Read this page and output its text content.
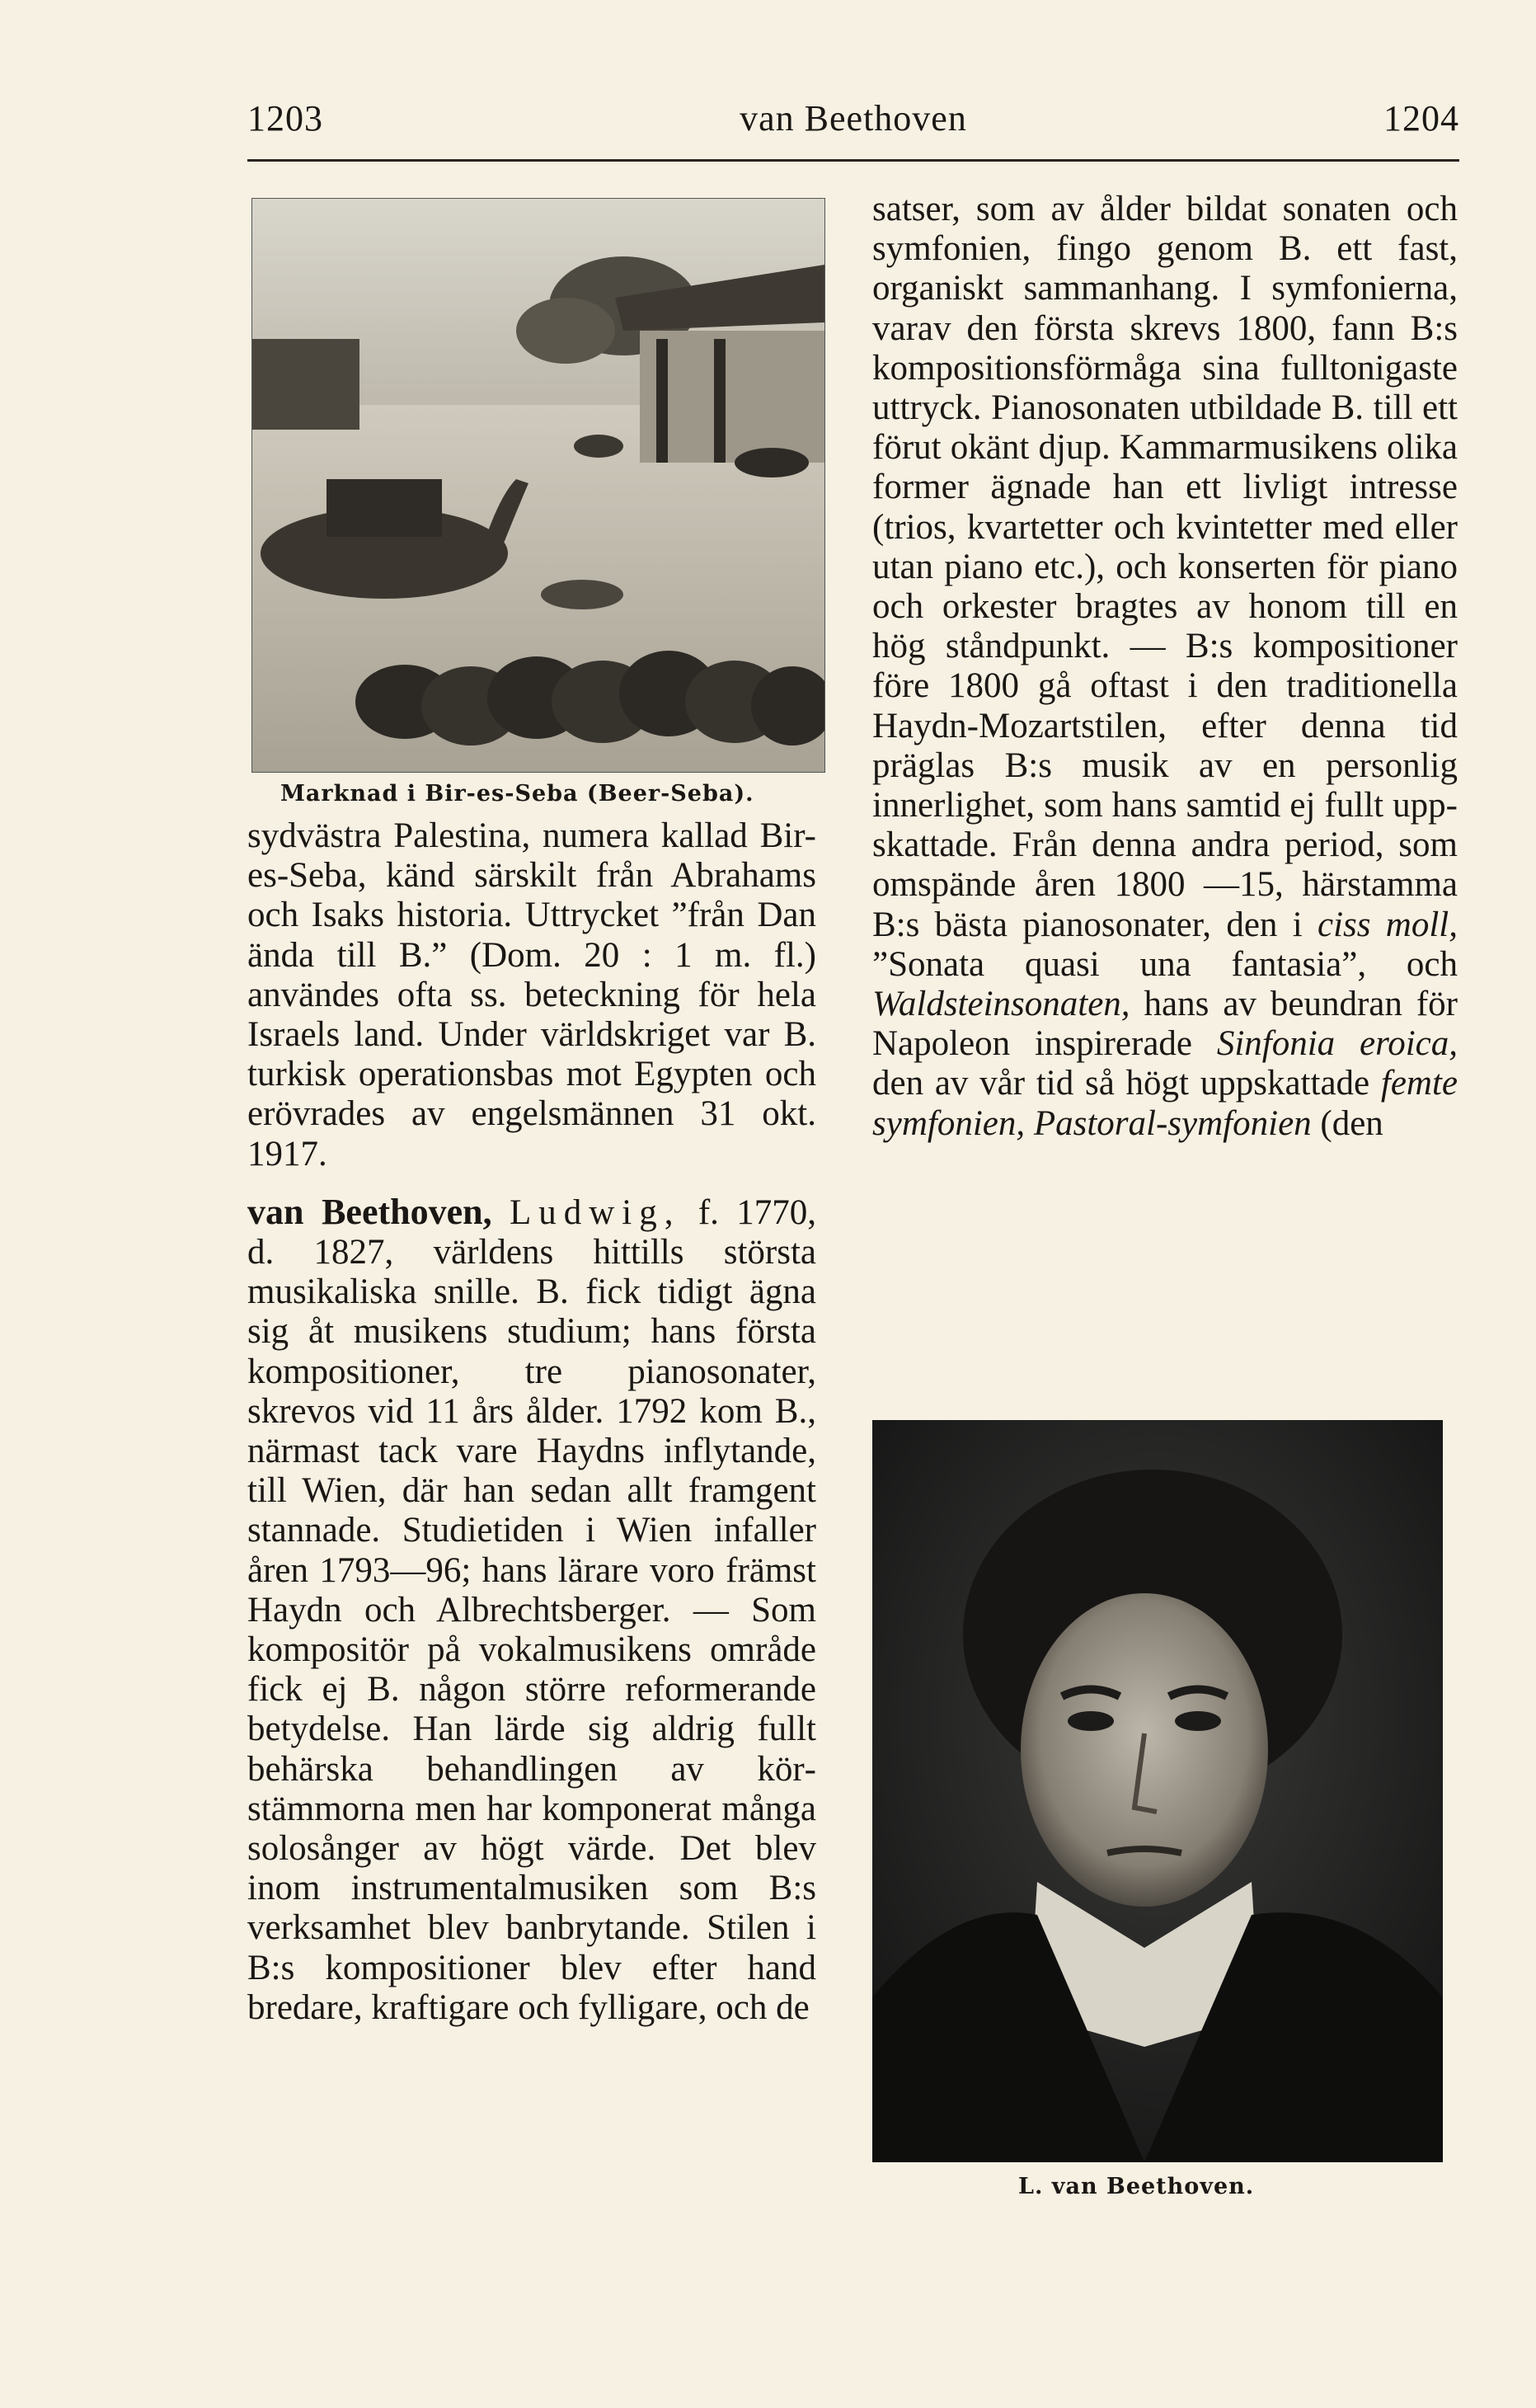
1203	van Beethoven	1204
Marknad i Bir-es-Seba (Beer-Seba).

sydvästra Palestina, numera kallad Bir-es-Seba, känd särskilt från Abrahams och Isaks historia. Uttrycket ”från Dan ända till B.” (Dom. 20 : 1 m. fl.) användes ofta ss. beteckning för hela Israels land. Under världskriget var B. turkisk operationsbas mot Egypten och erövrades av engelsmännen 31 okt. 1917.

van Beethoven, Ludwig, f. 1770, d. 1827, världens hittills största musikaliska snille. B. fick tidigt ägna sig åt musikens studium; hans första kompositioner, tre pianosonater, skrevos vid 11 års ålder. 1792 kom B., närmast tack vare Haydns inflytande, till Wien, där han sedan allt framgent stannade. Studietiden i Wien infaller åren 1793—96; hans lärare voro främst Haydn och Albrechtsberger. — Som kompositör på vokalmusikens område fick ej B. någon större reformerande betydelse. Han lärde sig aldrig fullt behärska behandlingen av körstämmorna men har komponerat många solosånger av högt värde. Det blev inom instrumentalmusiken som B:s verksamhet blev banbrytande. Stilen i B:s kompositioner blev efter hand bredare, kraftigare och fylligare, och de

satser, som av ålder bildat sonaten och symfonien, fingo genom B. ett fast, organiskt sammanhang. I symfonierna, varav den första skrevs 1800, fann B:s kompositionsförmåga sina fulltonigaste uttryck. Pianosonaten utbildade B. till ett förut okänt djup. Kammarmusikens olika former ägnade han ett livligt intresse (trios, kvartetter och kvintetter med eller utan piano etc.), och konserten för piano och orkester bragtes av honom till en hög ståndpunkt. — B:s kompositioner före 1800 gå oftast i den traditionella Haydn-Mozartstilen, efter denna tid präglas B:s musik av en personlig innerlighet, som hans samtid ej fullt uppskattade. Från denna andra period, som omspände åren 1800 —15, härstamma B:s bästa pianosonater, den i ciss moll, ”Sonata quasi una fantasia”, och Waldsteinsonaten, hans av beundran för Napoleon inspirerade Sinfonia eroica, den av vår tid så högt uppskattade femte symfonien, Pastoral-symfonien (den

L. van Beethoven.
